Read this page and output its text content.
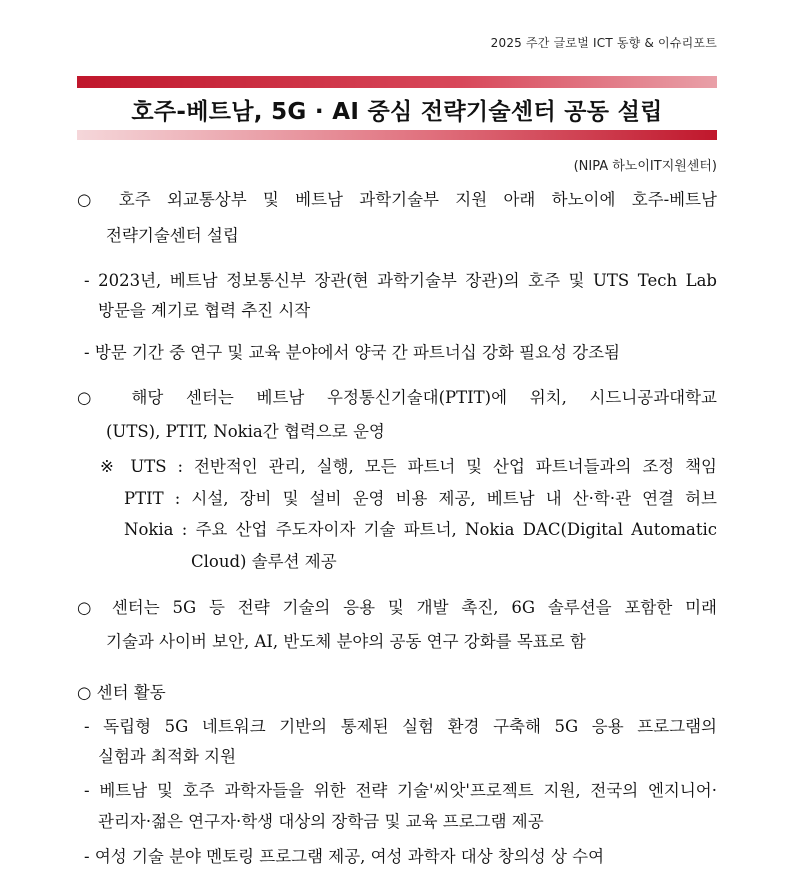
2025 주간 글로벌 ICT 동향 & 이슈리포트
호주-베트남, 5G · AI 중심 전략기술센터 공동 설립
(NIPA 하노이IT지원센터)
○ 호주 외교통상부 및 베트남 과학기술부 지원 아래 하노이에 호주-베트남
전략기술센터 설립
- 2023년, 베트남 정보통신부 장관(현 과학기술부 장관)의 호주 및 UTS Tech Lab
방문을 계기로 협력 추진 시작
- 방문 기간 중 연구 및 교육 분야에서 양국 간 파트너십 강화 필요성 강조됨
○ 해당 센터는 베트남 우정통신기술대(PTIT)에 위치, 시드니공과대학교
(UTS), PTIT, Nokia간 협력으로 운영
※ UTS : 전반적인 관리, 실행, 모든 파트너 및 산업 파트너들과의 조정 책임
PTIT : 시설, 장비 및 설비 운영 비용 제공, 베트남 내 산·학·관 연결 허브
Nokia : 주요 산업 주도자이자 기술 파트너, Nokia DAC(Digital Automatic
Cloud) 솔루션 제공
○ 센터는 5G 등 전략 기술의 응용 및 개발 촉진, 6G 솔루션을 포함한 미래
기술과 사이버 보안, AI, 반도체 분야의 공동 연구 강화를 목표로 함
○ 센터 활동
- 독립형 5G 네트워크 기반의 통제된 실험 환경 구축해 5G 응용 프로그램의
실험과 최적화 지원
- 베트남 및 호주 과학자들을 위한 전략 기술'씨앗'프로젝트 지원, 전국의 엔지니어·
관리자·젊은 연구자·학생 대상의 장학금 및 교육 프로그램 제공
- 여성 기술 분야 멘토링 프로그램 제공, 여성 과학자 대상 창의성 상 수여
